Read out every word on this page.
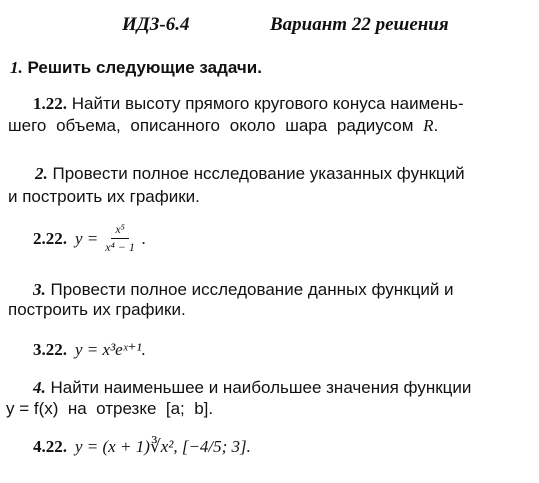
ИДЗ-6.4	Вариант 22 решения
1. Решить следующие задачи.
1.22. Найти высоту прямого кругового конуса наимень-
шего объема, описанного около шара радиусом R.
2. Провести полное нсследование указанных функций
и построить их графики.
2.22. $y = \frac{\text{x⁵}}{\text{x⁴ − 1}}$ .
3. Провести полное исследование данных функций и
построить их графики.
3.22. y = x³eˣ⁺¹.
4. Найти наименьшее и наибольшее значения функции
y = f(x)  на  отрезке  [a;  b].
4.22. y = (x + 1)∛x², [−4/5; 3].
